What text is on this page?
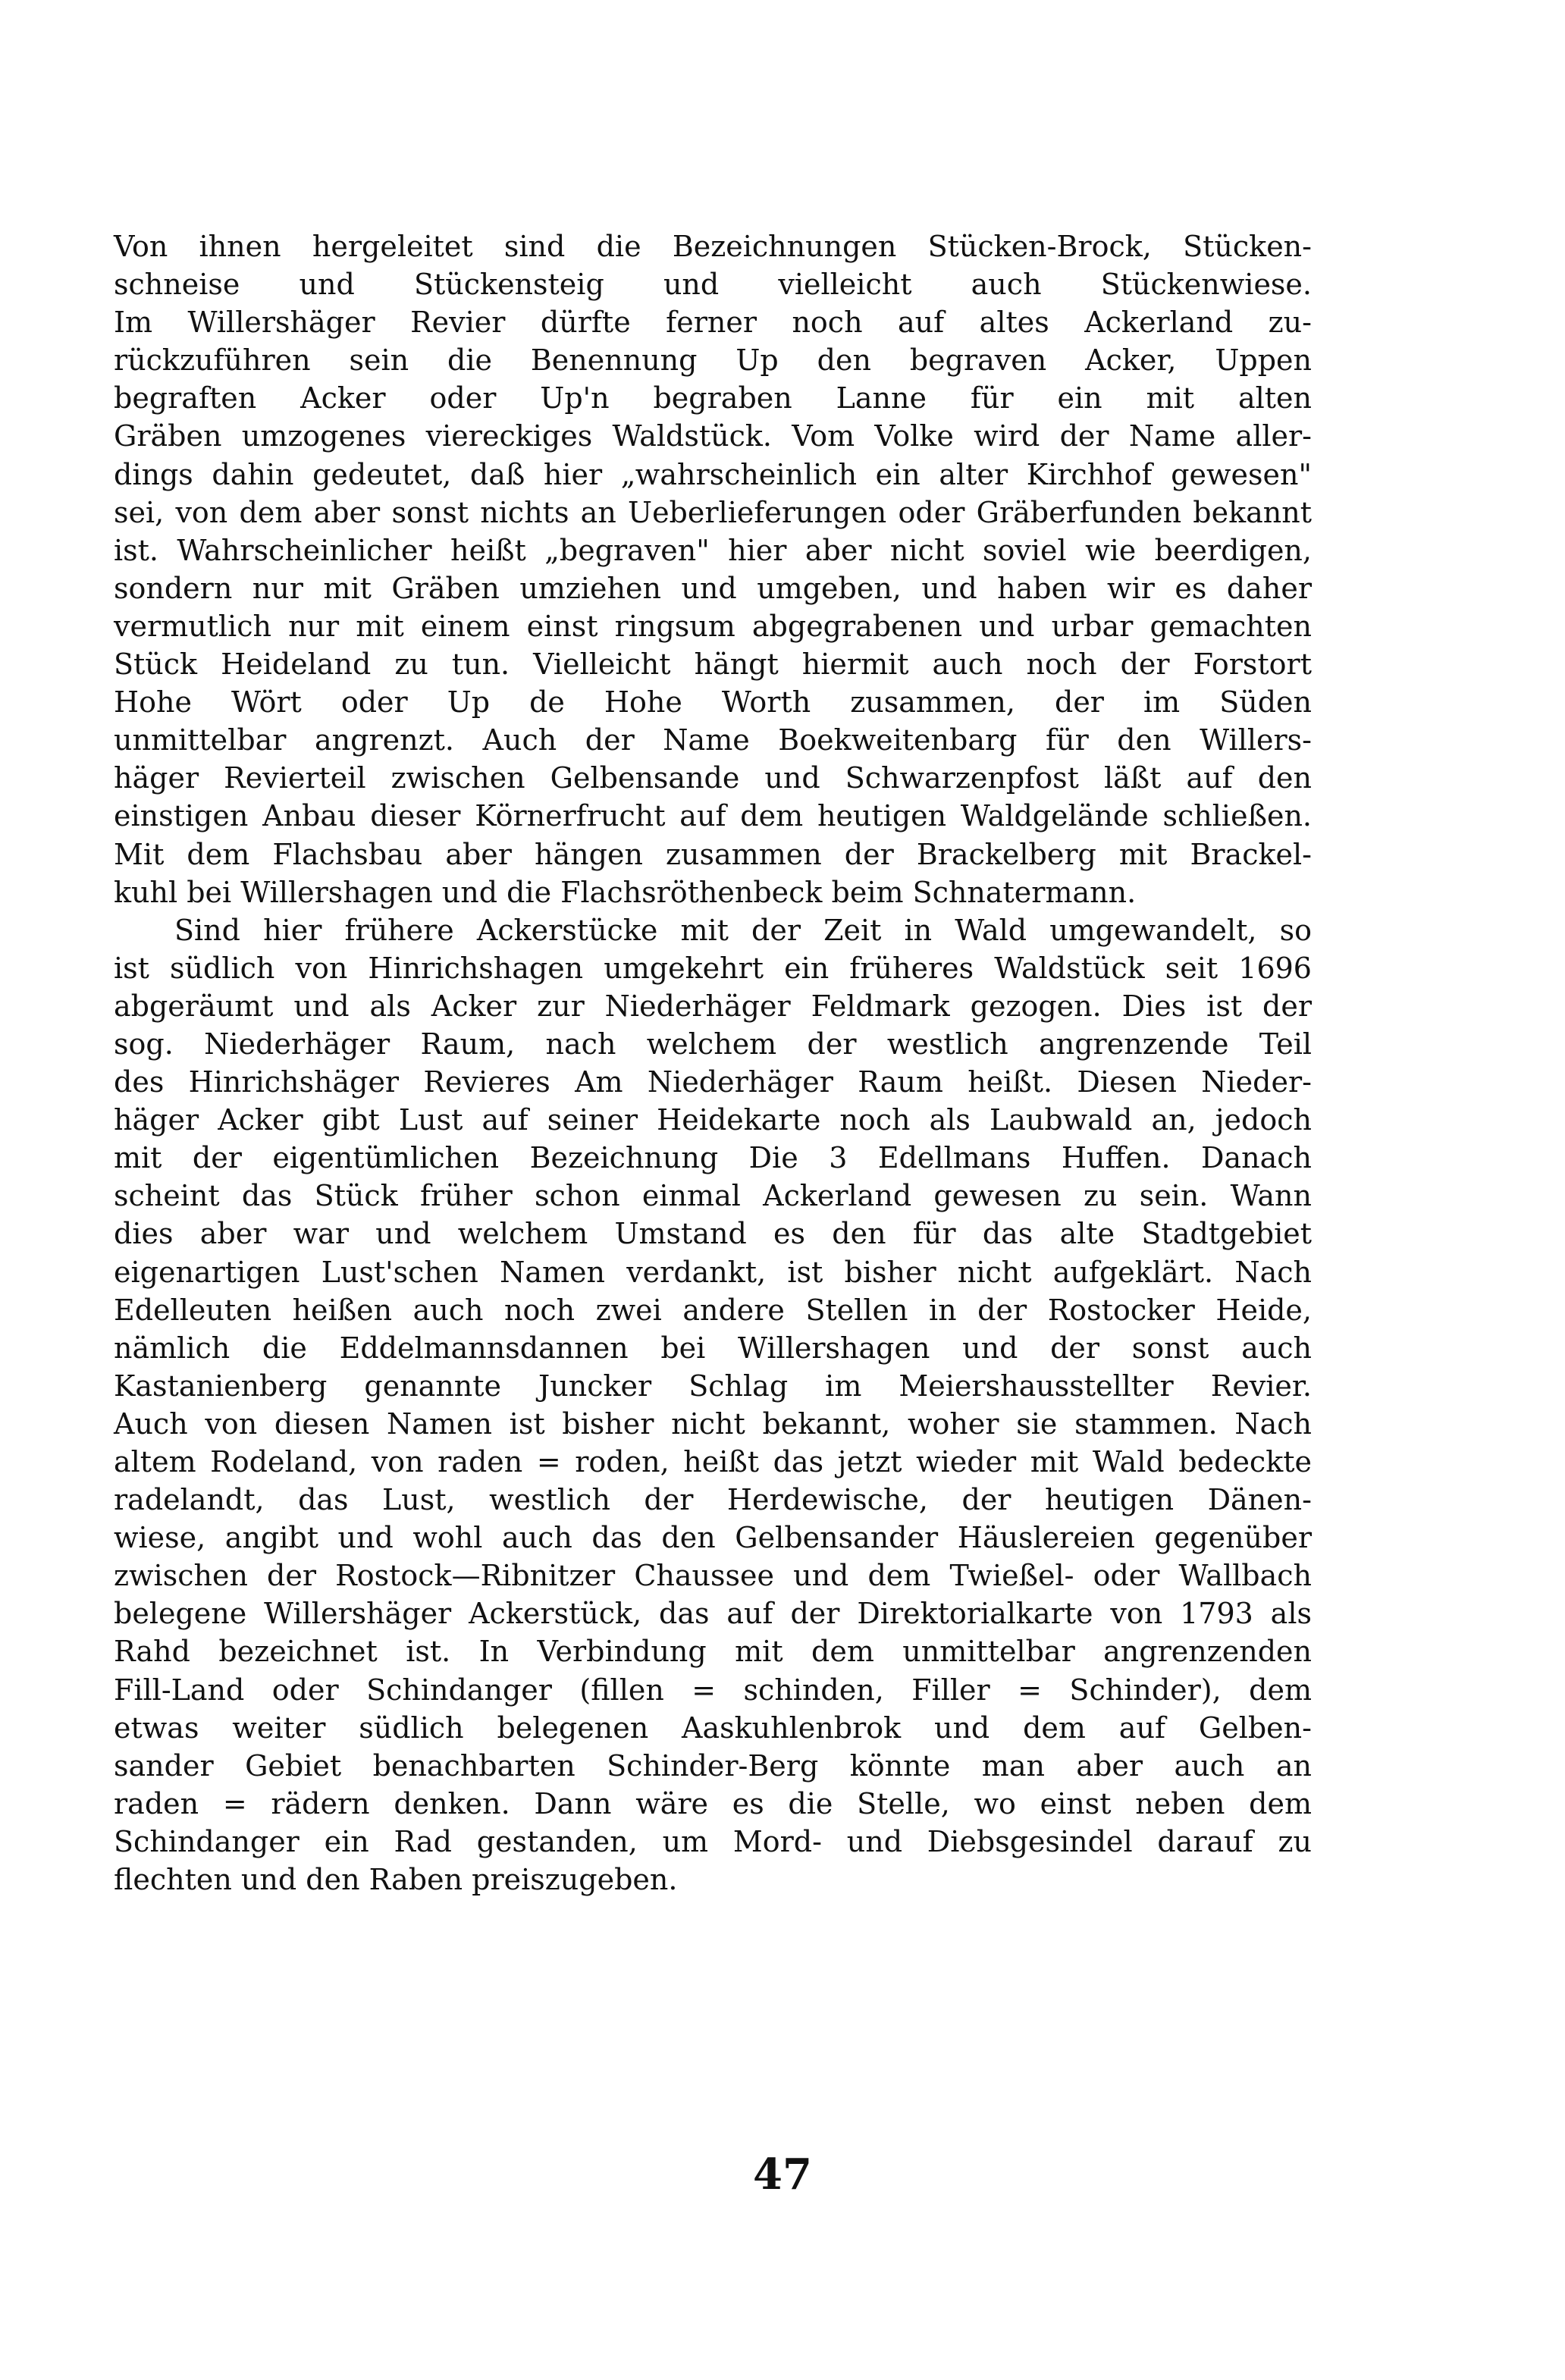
Von ihnen hergeleitet sind die Bezeichnungen Stücken-Brock, Stücken-
schneise und Stückensteig und vielleicht auch Stückenwiese.
Im Willershäger Revier dürfte ferner noch auf altes Ackerland zu-
rückzuführen sein die Benennung Up den begraven Acker, Uppen
begraften Acker oder Up'n begraben Lanne für ein mit alten
Gräben umzogenes viereckiges Waldstück. Vom Volke wird der Name aller-
dings dahin gedeutet, daß hier „wahrscheinlich ein alter Kirchhof gewesen"
sei, von dem aber sonst nichts an Ueberlieferungen oder Gräberfunden bekannt
ist. Wahrscheinlicher heißt „begraven" hier aber nicht soviel wie beerdigen,
sondern nur mit Gräben umziehen und umgeben, und haben wir es daher
vermutlich nur mit einem einst ringsum abgegrabenen und urbar gemachten
Stück Heideland zu tun. Vielleicht hängt hiermit auch noch der Forstort
Hohe Wört oder Up de Hohe Worth zusammen, der im Süden
unmittelbar angrenzt. Auch der Name Boekweitenbarg für den Willers-
häger Revierteil zwischen Gelbensande und Schwarzenpfost läßt auf den
einstigen Anbau dieser Körnerfrucht auf dem heutigen Waldgelände schließen.
Mit dem Flachsbau aber hängen zusammen der Brackelberg mit Brackel-
kuhl bei Willershagen und die Flachsröthenbeck beim Schnatermann.
Sind hier frühere Ackerstücke mit der Zeit in Wald umgewandelt, so
ist südlich von Hinrichshagen umgekehrt ein früheres Waldstück seit 1696
abgeräumt und als Acker zur Niederhäger Feldmark gezogen. Dies ist der
sog. Niederhäger Raum, nach welchem der westlich angrenzende Teil
des Hinrichshäger Revieres Am Niederhäger Raum heißt. Diesen Nieder-
häger Acker gibt Lust auf seiner Heidekarte noch als Laubwald an, jedoch
mit der eigentümlichen Bezeichnung Die 3 Edellmans Huffen. Danach
scheint das Stück früher schon einmal Ackerland gewesen zu sein. Wann
dies aber war und welchem Umstand es den für das alte Stadtgebiet
eigenartigen Lust'schen Namen verdankt, ist bisher nicht aufgeklärt. Nach
Edelleuten heißen auch noch zwei andere Stellen in der Rostocker Heide,
nämlich die Eddelmannsdannen bei Willershagen und der sonst auch
Kastanienberg genannte Juncker Schlag im Meiershausstellter Revier.
Auch von diesen Namen ist bisher nicht bekannt, woher sie stammen. Nach
altem Rodeland, von raden = roden, heißt das jetzt wieder mit Wald bedeckte
radelandt, das Lust, westlich der Herdewische, der heutigen Dänen-
wiese, angibt und wohl auch das den Gelbensander Häuslereien gegenüber
zwischen der Rostock—Ribnitzer Chaussee und dem Twießel- oder Wallbach
belegene Willershäger Ackerstück, das auf der Direktorialkarte von 1793 als
Rahd bezeichnet ist. In Verbindung mit dem unmittelbar angrenzenden
Fill-Land oder Schindanger (fillen = schinden, Filler = Schinder), dem
etwas weiter südlich belegenen Aaskuhlenbrok und dem auf Gelben-
sander Gebiet benachbarten Schinder-Berg könnte man aber auch an
raden = rädern denken. Dann wäre es die Stelle, wo einst neben dem
Schindanger ein Rad gestanden, um Mord- und Diebsgesindel darauf zu
flechten und den Raben preiszugeben.
47
